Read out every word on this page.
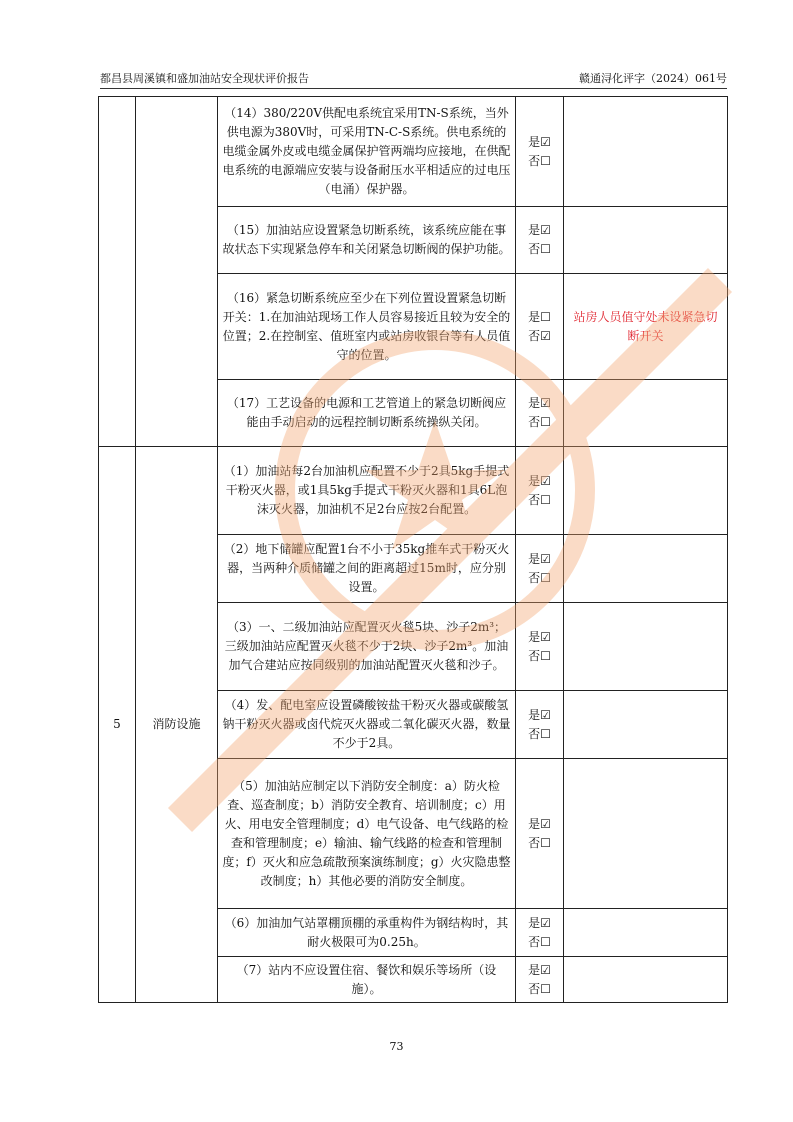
都昌县周溪镇和盛加油站安全现状评价报告	赣通浔化评字（2024）061号
		（14）380/220V供配电系统宜采用TN-S系统，当外供电源为380V时，可采用TN-C-S系统。供电系统的电缆金属外皮或电缆金属保护管两端均应接地，在供配电系统的电源端应安装与设备耐压水平相适应的过电压（电涌）保护器。	是☑
否☐	

		（15）加油站应设置紧急切断系统，该系统应能在事故状态下实现紧急停车和关闭紧急切断阀的保护功能。	是☑
否☐	

		（16）紧急切断系统应至少在下列位置设置紧急切断开关：1.在加油站现场工作人员容易接近且较为安全的位置；2.在控制室、值班室内或站房收银台等有人员值守的位置。	是☐
否☑	站房人员值守处未设紧急切断开关
		（17）工艺设备的电源和工艺管道上的紧急切断阀应能由手动启动的远程控制切断系统操纵关闭。	是☑
否☐	

5	消防设施	（1）加油站每2台加油机应配置不少于2具5kg手提式干粉灭火器，或1具5kg手提式干粉灭火器和1具6L泡沫灭火器，加油机不足2台应按2台配置。	是☑
否☐	

		（2）地下储罐应配置1台不小于35kg推车式干粉灭火器，当两种介质储罐之间的距离超过15m时，应分别设置。	是☑
否☐	

		（3）一、二级加油站应配置灭火毯5块、沙子2m³；三级加油站应配置灭火毯不少于2块、沙子2m³。加油加气合建站应按同级别的加油站配置灭火毯和沙子。	是☑
否☐	

		（4）发、配电室应设置磷酸铵盐干粉灭火器或碳酸氢钠干粉灭火器或卤代烷灭火器或二氧化碳灭火器，数量不少于2具。	是☑
否☐	

		（5）加油站应制定以下消防安全制度：a）防火检查、巡查制度；b）消防安全教育、培训制度；c）用火、用电安全管理制度；d）电气设备、电气线路的检查和管理制度；e）输油、输气线路的检查和管理制度；f）灭火和应急疏散预案演练制度；g）火灾隐患整改制度；h）其他必要的消防安全制度。	是☑
否☐	

		（6）加油加气站罩棚顶棚的承重构件为钢结构时，其耐火极限可为0.25h。	是☑
否☐	

		（7）站内不应设置住宿、餐饮和娱乐等场所（设施）。	是☑
否☐	

73
